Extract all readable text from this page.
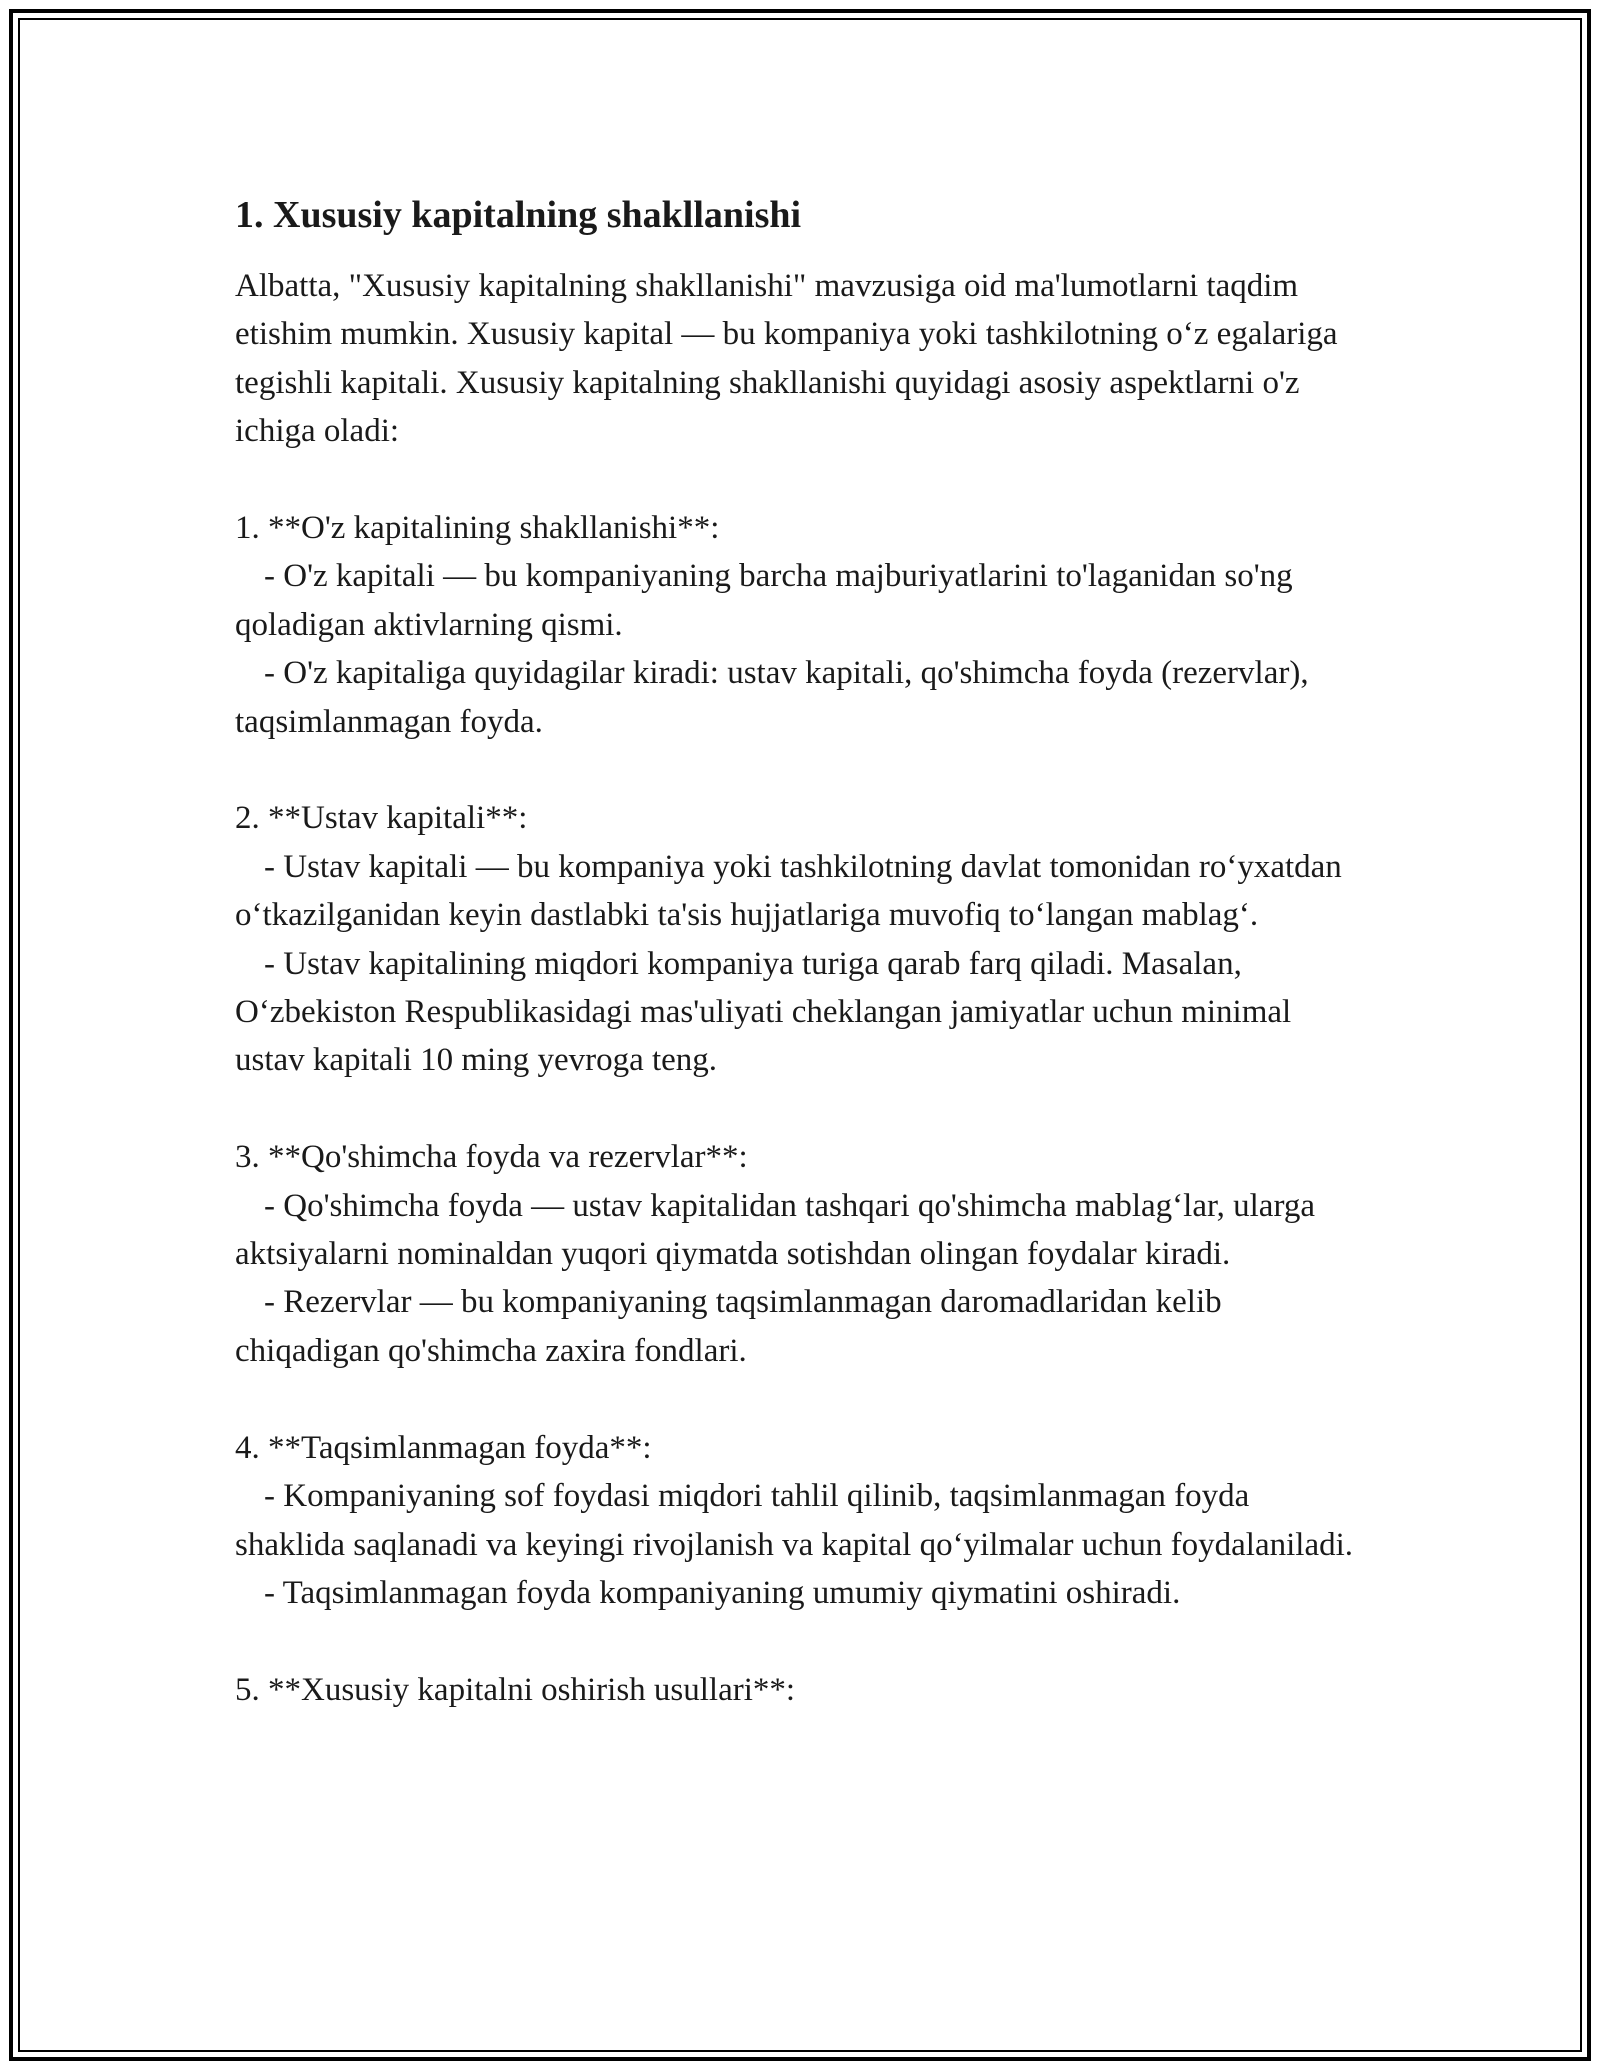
1. Xususiy kapitalning shakllanishi

Albatta, "Xususiy kapitalning shakllanishi" mavzusiga oid ma'lumotlarni taqdim etishim mumkin. Xususiy kapital — bu kompaniya yoki tashkilotning o‘z egalariga tegishli kapitali. Xususiy kapitalning shakllanishi quyidagi asosiy aspektlarni o'z ichiga oladi:

1. **O'z kapitalining shakllanishi**:

- O'z kapitali — bu kompaniyaning barcha majburiyatlarini to'laganidan so'ng qoladigan aktivlarning qismi.

- O'z kapitaliga quyidagilar kiradi: ustav kapitali, qo'shimcha foyda (rezervlar), taqsimlanmagan foyda.

2. **Ustav kapitali**:

- Ustav kapitali — bu kompaniya yoki tashkilotning davlat tomonidan ro‘yxatdan o‘tkazilganidan keyin dastlabki ta'sis hujjatlariga muvofiq to‘langan mablag‘.

- Ustav kapitalining miqdori kompaniya turiga qarab farq qiladi. Masalan, O‘zbekiston Respublikasidagi mas'uliyati cheklangan jamiyatlar uchun minimal ustav kapitali 10 ming yevroga teng.

3. **Qo'shimcha foyda va rezervlar**:

- Qo'shimcha foyda — ustav kapitalidan tashqari qo'shimcha mablag‘lar, ularga aktsiyalarni nominaldan yuqori qiymatda sotishdan olingan foydalar kiradi.

- Rezervlar — bu kompaniyaning taqsimlanmagan daromadlaridan kelib chiqadigan qo'shimcha zaxira fondlari.

4. **Taqsimlanmagan foyda**:

- Kompaniyaning sof foydasi miqdori tahlil qilinib, taqsimlanmagan foyda shaklida saqlanadi va keyingi rivojlanish va kapital qo‘yilmalar uchun foydalaniladi.

- Taqsimlanmagan foyda kompaniyaning umumiy qiymatini oshiradi.

5. **Xususiy kapitalni oshirish usullari**:
